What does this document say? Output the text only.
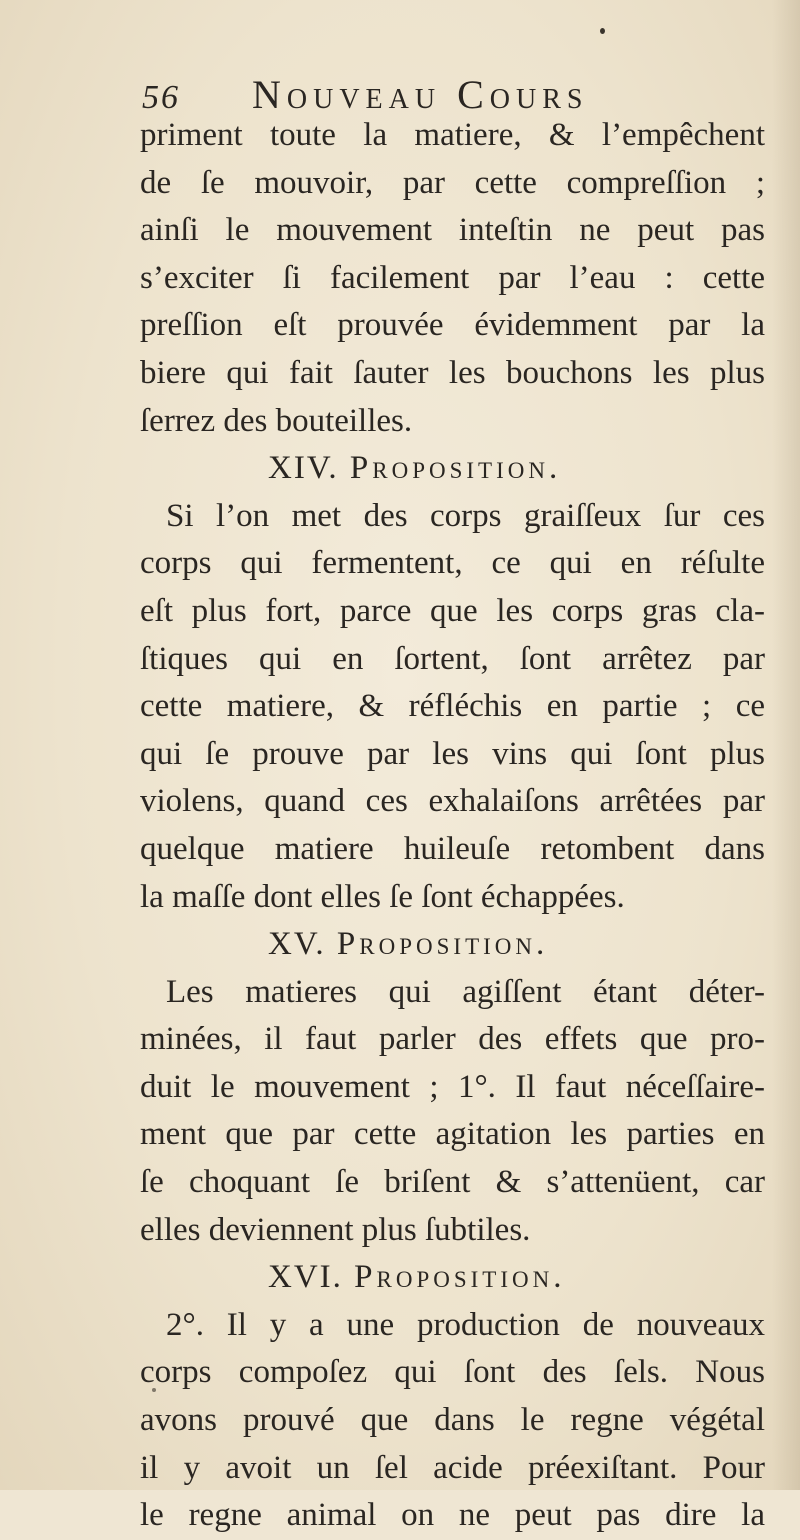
56 Nouveau Cours
priment toute la matiere, & l’empêchent
de ſe mouvoir, par cette compreſſion ;
ainſi le mouvement inteſtin ne peut pas
s’exciter ſi facilement par l’eau : cette
preſſion eſt prouvée évidemment par la
biere qui fait ſauter les bouchons les plus
ſerrez des bouteilles.
XIV. Proposition.
Si l’on met des corps graiſſeux ſur ces
corps qui fermentent, ce qui en réſulte
eſt plus fort, parce que les corps gras cla-
ſtiques qui en ſortent, ſont arrêtez par
cette matiere, & réfléchis en partie ; ce
qui ſe prouve par les vins qui ſont plus
violens, quand ces exhalaiſons arrêtées par
quelque matiere huileuſe retombent dans
la maſſe dont elles ſe ſont échappées.
XV. Proposition.
Les matieres qui agiſſent étant déter-
minées, il faut parler des effets que pro-
duit le mouvement ; 1°. Il faut néceſſaire-
ment que par cette agitation les parties en
ſe choquant ſe briſent & s’attenüent, car
elles deviennent plus ſubtiles.
XVI. Proposition.
2°. Il y a une production de nouveaux
corps compoſez qui ſont des ſels. Nous
avons prouvé que dans le regne végétal
il y avoit un ſel acide préexiſtant. Pour
le regne animal on ne peut pas dire la
